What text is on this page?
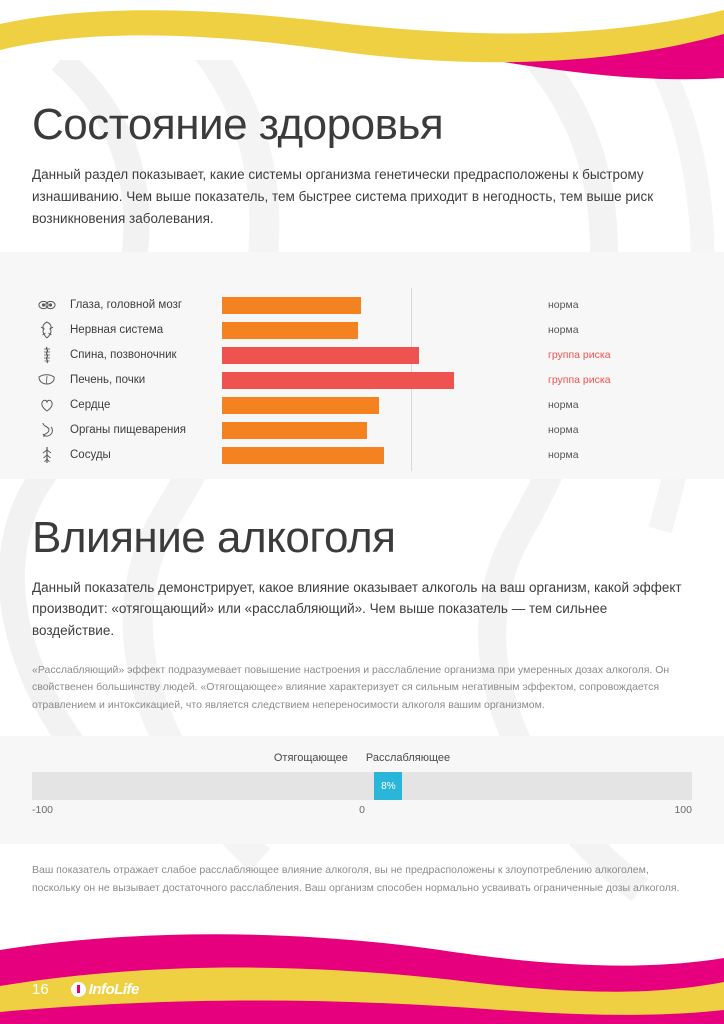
16	InfoLife
Состояние здоровья

Данный раздел показывает, какие системы организма генетически предрасположены к быстрому изнашиванию. Чем выше показатель, тем быстрее система приходит в негодность, тем выше риск возникновения заболевания.

Глаза, головной мозг	норма
Нервная система	норма
Спина, позвоночник	группа риска
Печень, почки	группа риска
Сердце	норма
Органы пищеварения	норма
Сосуды	норма
Влияние алкоголя

Данный показатель демонстрирует, какое влияние оказывает алкоголь на ваш организм, какой эффект производит: «отягощающий» или «расслабляющий». Чем выше показатель — тем сильнее воздействие.

«Расслабляющий» эффект подразумевает повышение настроения и расслабление организма при умеренных дозах алкоголя. Он свойственен большинству людей. «Отягощающее» влияние характеризует ся сильным негативным эффектом, сопровождается отравлением и интоксикацией, что является следствием непереносимости алкоголя вашим организмом.

Отягощающее Расслабляющее
8%
-100	0	100

Ваш показатель отражает слабое расслабляющее влияние алкоголя, вы не предрасположены к злоупотреблению алкоголем, поскольку он не вызывает достаточного расслабления. Ваш организм способен нормально усваивать ограниченные дозы алкоголя.
